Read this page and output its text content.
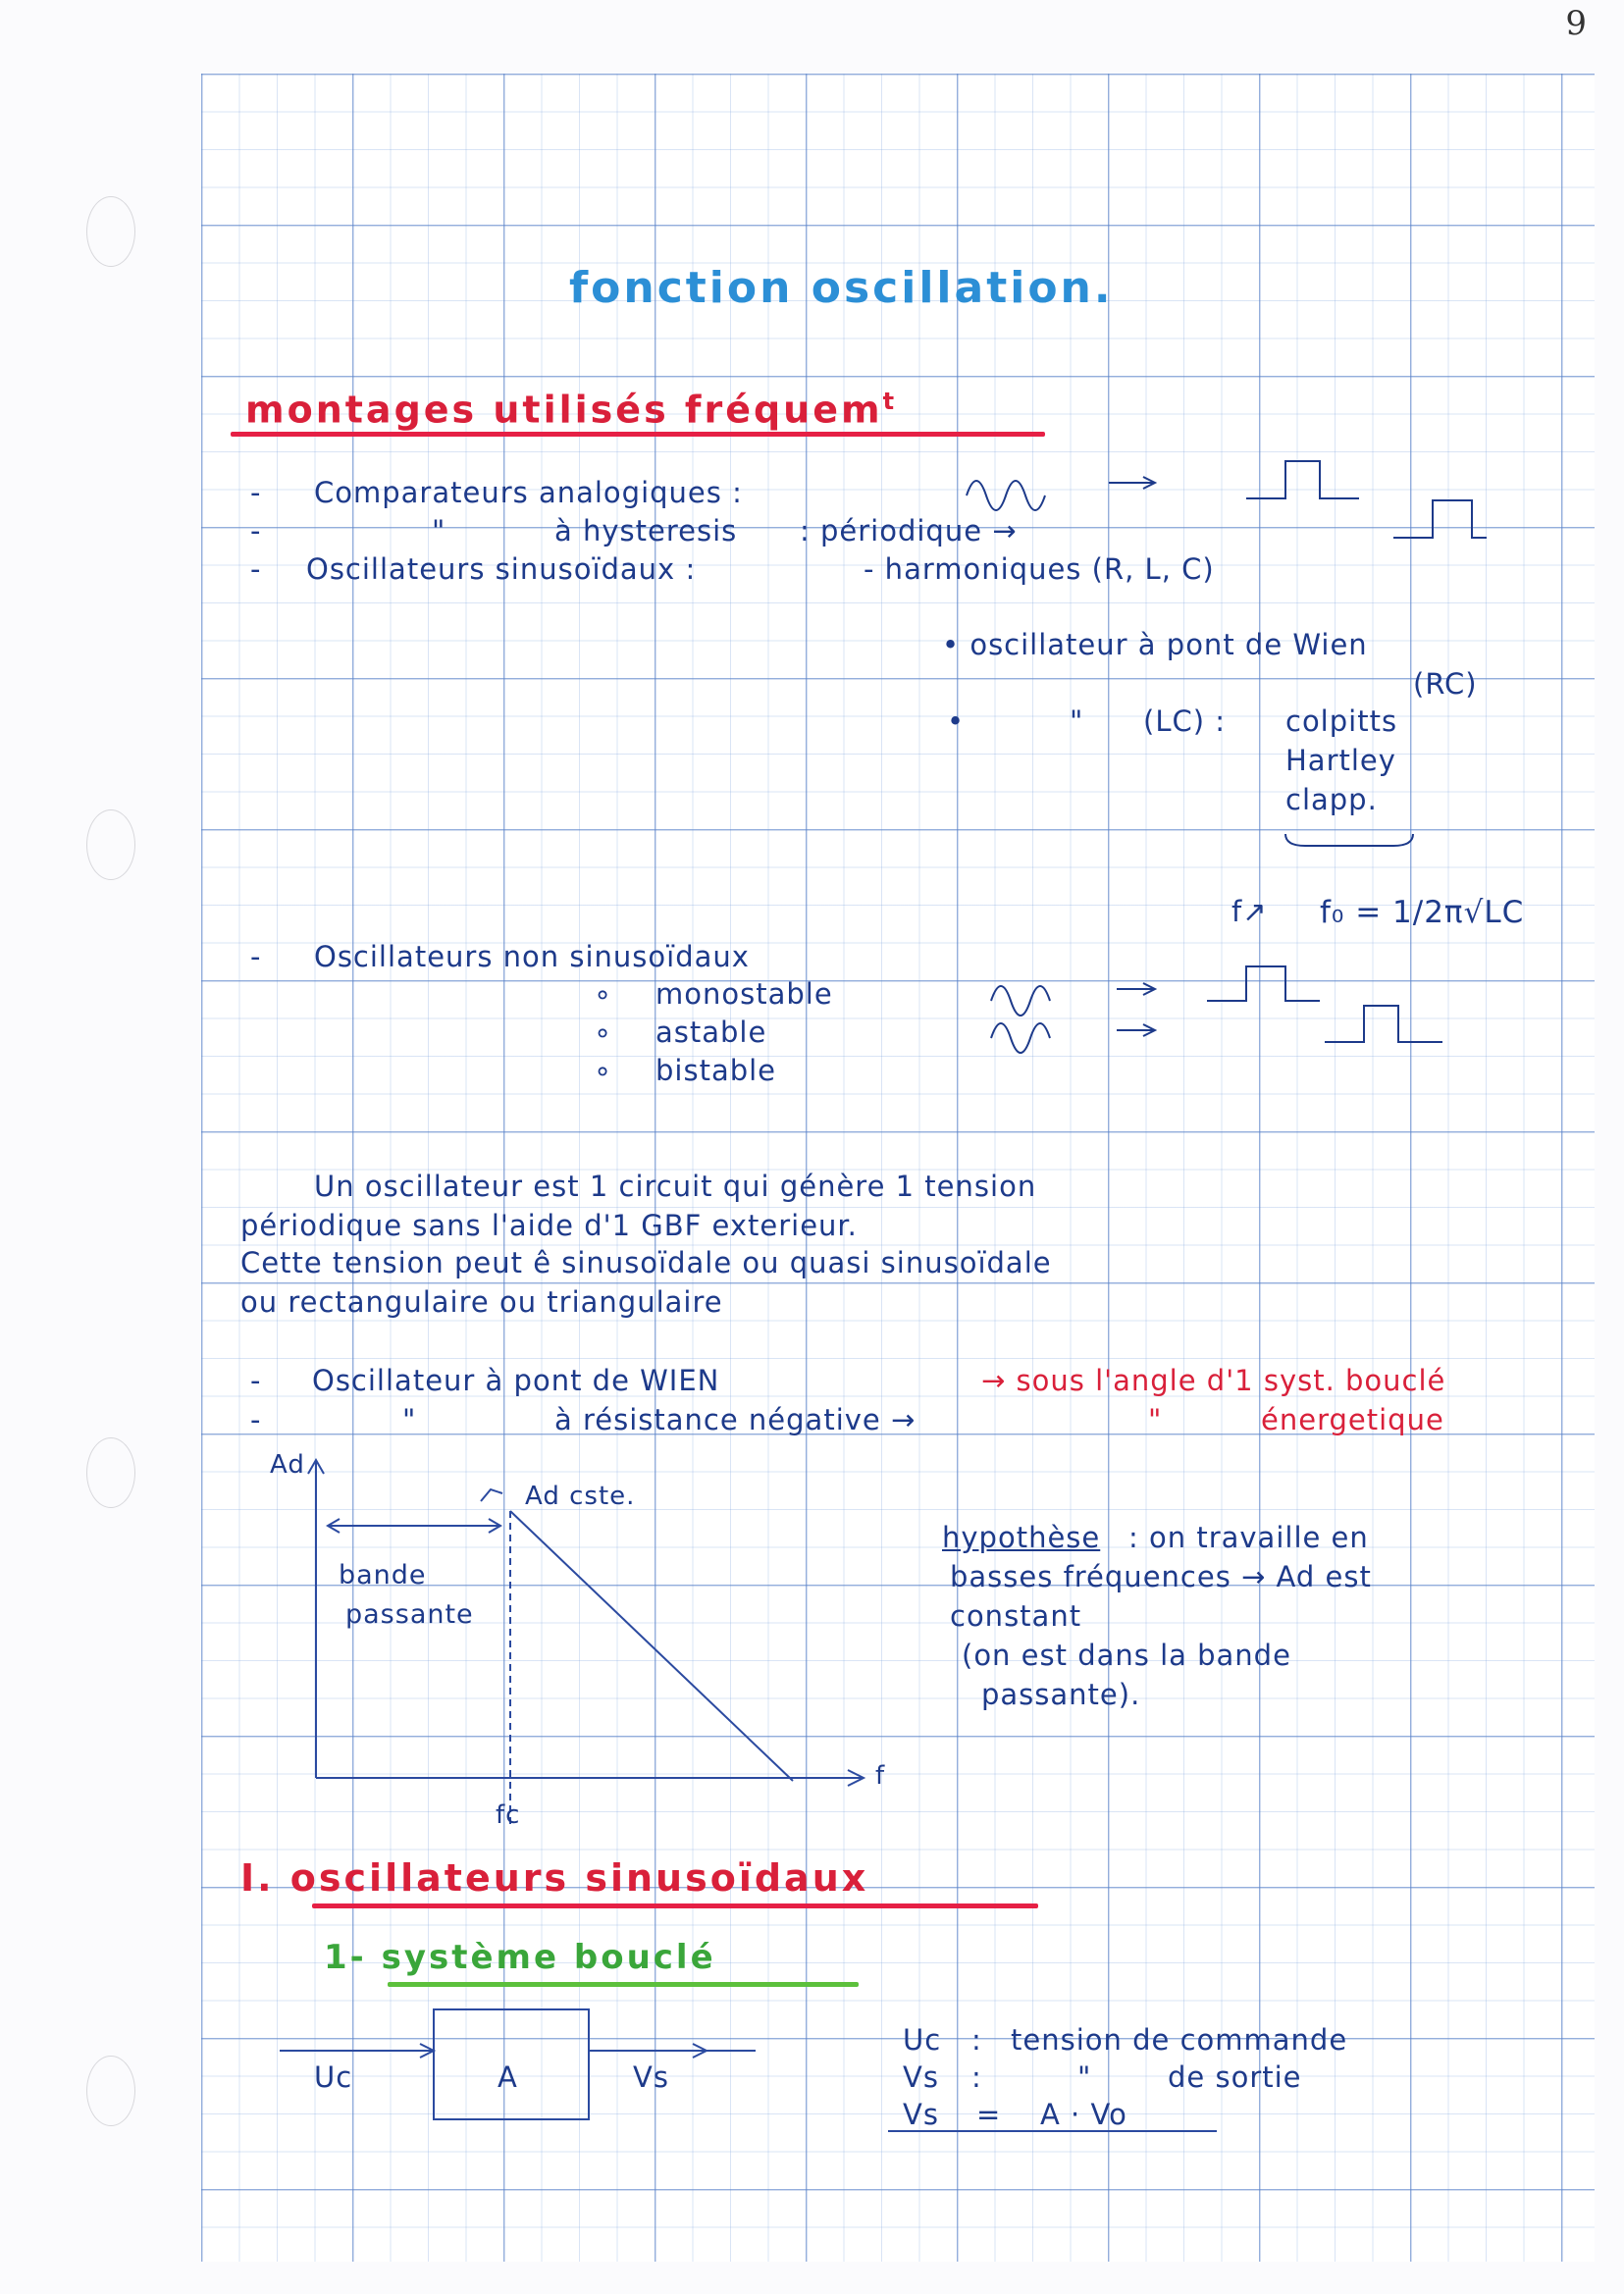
9
fonction oscillation.
montages utilisés fréquem$^t$
- Comparateurs analogiques :
-	"	à hysteresis : périodique →
- Oscillateurs sinusoïdaux :	- harmoniques (R, L, C)
• oscillateur à pont de Wien
(RC)
•	" (LC) : colpitts
Hartley
clapp.
f↗ f₀ = 1/2π√LC
- Oscillateurs non sinusoïdaux
∘ monostable
∘ astable
∘ bistable
Un oscillateur est 1 circuit qui génère 1 tension
périodique sans l'aide d'1 GBF exterieur.
Cette tension peut ê sinusoïdale ou quasi sinusoïdale
ou rectangulaire ou triangulaire
- Oscillateur à pont de WIEN	→ sous l'angle d'1 syst. bouclé
-	"	à résistance négative →	"	énergetique
Ad
f
fc
Ad cste.
bande
passante
hypothèse : on travaille en
basses fréquences → Ad est
constant
(on est dans la bande
passante).
I. oscillateurs sinusoïdaux
1- système bouclé
Uc	A	Vs
Uc : tension de commande
Vs :	"	de sortie
Vs = A · Vo
